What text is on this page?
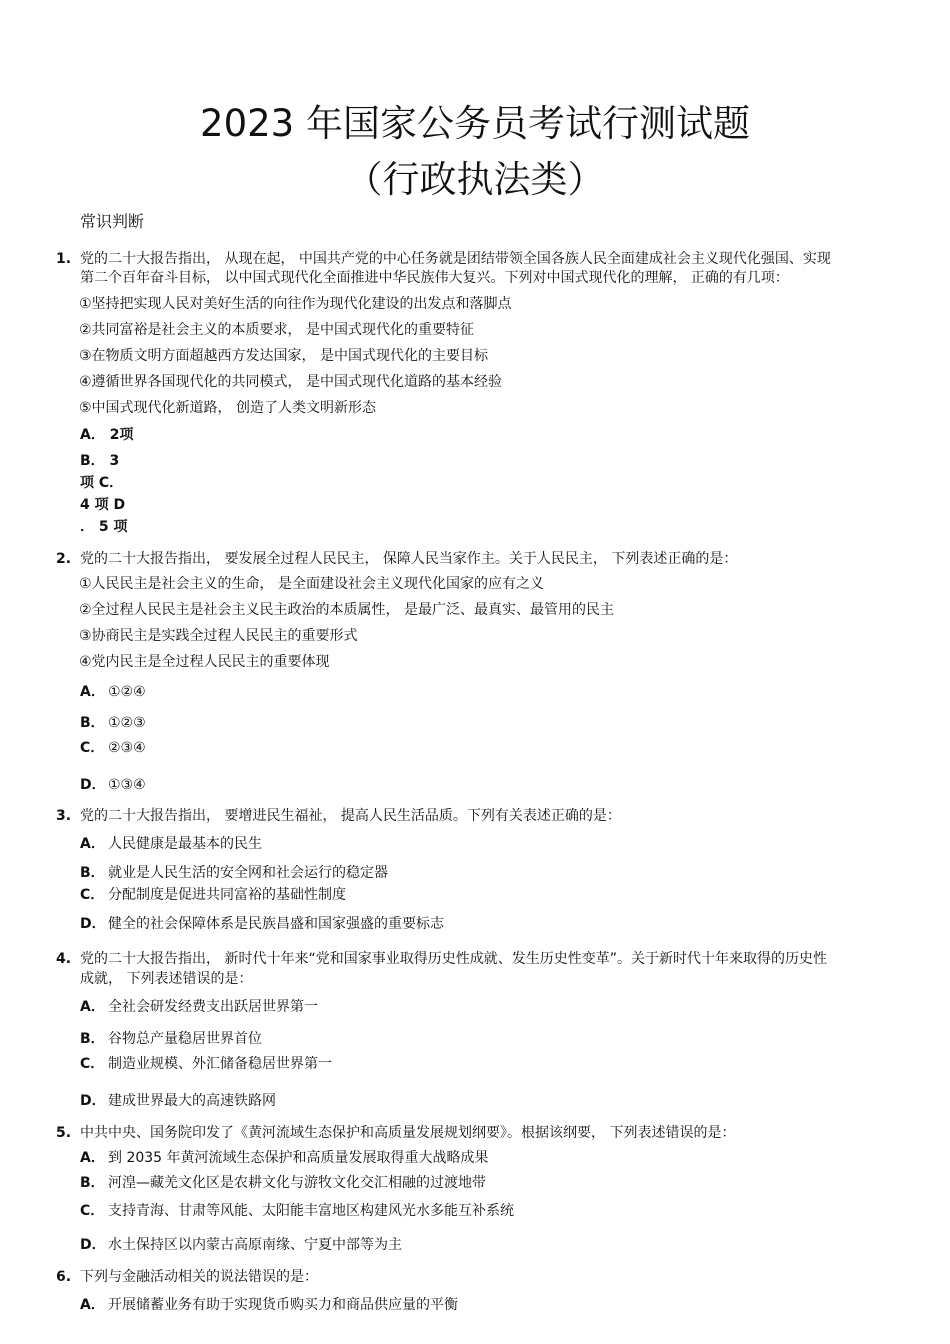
2023 年国家公务员考试行测试题
（行政执法类）
常识判断
1. 党的二十大报告指出， 从现在起， 中国共产党的中心任务就是团结带领全国各族人民全面建成社会主义现代化强国、实现
第二个百年奋斗目标， 以中国式现代化全面推进中华民族伟大复兴。下列对中国式现代化的理解， 正确的有几项：
①坚持把实现人民对美好生活的向往作为现代化建设的出发点和落脚点
②共同富裕是社会主义的本质要求， 是中国式现代化的重要特征
③在物质文明方面超越西方发达国家， 是中国式现代化的主要目标
④遵循世界各国现代化的共同模式， 是中国式现代化道路的基本经验
⑤中国式现代化新道路， 创造了人类文明新形态
A． 2项
B． 3
项 C．
4 项 D
． 5 项
2. 党的二十大报告指出， 要发展全过程人民民主， 保障人民当家作主。关于人民民主， 下列表述正确的是：
①人民民主是社会主义的生命， 是全面建设社会主义现代化国家的应有之义
②全过程人民民主是社会主义民主政治的本质属性， 是最广泛、最真实、最管用的民主
③协商民主是实践全过程人民民主的重要形式
④党内民主是全过程人民民主的重要体现
A． ①②④
B． ①②③
C． ②③④
D． ①③④
3. 党的二十大报告指出， 要增进民生福祉， 提高人民生活品质。下列有关表述正确的是：
A． 人民健康是最基本的民生
B． 就业是人民生活的安全网和社会运行的稳定器
C． 分配制度是促进共同富裕的基础性制度
D． 健全的社会保障体系是民族昌盛和国家强盛的重要标志
4. 党的二十大报告指出， 新时代十年来“党和国家事业取得历史性成就、发生历史性变革”。关于新时代十年来取得的历史性
成就， 下列表述错误的是：
A． 全社会研发经费支出跃居世界第一
B． 谷物总产量稳居世界首位
C． 制造业规模、外汇储备稳居世界第一
D． 建成世界最大的高速铁路网
5. 中共中央、国务院印发了《黄河流域生态保护和高质量发展规划纲要》。根据该纲要， 下列表述错误的是：
A． 到 2035 年黄河流域生态保护和高质量发展取得重大战略成果
B． 河湟—藏羌文化区是农耕文化与游牧文化交汇相融的过渡地带
C． 支持青海、甘肃等风能、太阳能丰富地区构建风光水多能互补系统
D． 水土保持区以内蒙古高原南缘、宁夏中部等为主
6. 下列与金融活动相关的说法错误的是：
A． 开展储蓄业务有助于实现货币购买力和商品供应量的平衡
